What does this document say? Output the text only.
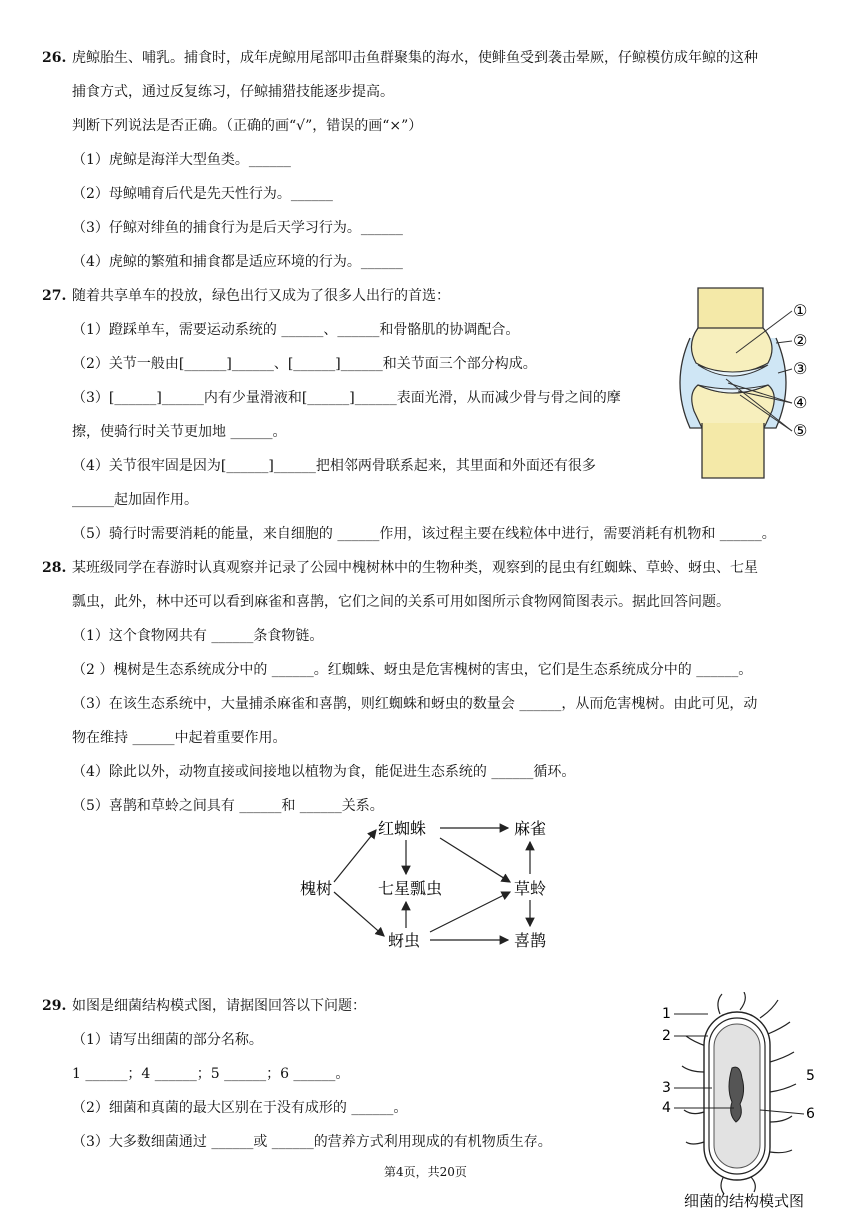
26. 虎鲸胎生、哺乳。捕食时，成年虎鲸用尾部叩击鱼群聚集的海水，使鲱鱼受到袭击晕厥，仔鲸模仿成年鲸的这种
捕食方式，通过反复练习，仔鲸捕猎技能逐步提高。
判断下列说法是否正确。（正确的画“√”，错误的画“×”）
（1）虎鲸是海洋大型鱼类。______
（2）母鲸哺育后代是先天性行为。______
（3）仔鲸对绯鱼的捕食行为是后天学习行为。______
（4）虎鲸的繁殖和捕食都是适应环境的行为。______
27. 随着共享单车的投放，绿色出行又成为了很多人出行的首选：
（1）蹬踩单车，需要运动系统的 ______、______和骨骼肌的协调配合。
（2）关节一般由[______]______、[______]______和关节面三个部分构成。
（3）[______]______内有少量滑液和[______]______表面光滑，从而减少骨与骨之间的摩
擦，使骑行时关节更加地 ______。
（4）关节很牢固是因为[______]______把相邻两骨联系起来，其里面和外面还有很多
______起加固作用。
（5）骑行时需要消耗的能量，来自细胞的 ______作用，该过程主要在线粒体中进行，需要消耗有机物和 ______。
①
②
③
④
⑤
28. 某班级同学在春游时认真观察并记录了公园中槐树林中的生物种类，观察到的昆虫有红蜘蛛、草蛉、蚜虫、七星
瓢虫，此外，林中还可以看到麻雀和喜鹊，它们之间的关系可用如图所示食物网简图表示。据此回答问题。
（1）这个食物网共有 ______条食物链。
（2 ）槐树是生态系统成分中的 ______。红蜘蛛、蚜虫是危害槐树的害虫，它们是生态系统成分中的 ______。
（3）在该生态系统中，大量捕杀麻雀和喜鹊，则红蜘蛛和蚜虫的数量会 ______，从而危害槐树。由此可见，动
物在维持 ______中起着重要作用。
（4）除此以外，动物直接或间接地以植物为食，能促进生态系统的 ______循环。
（5）喜鹊和草蛉之间具有 ______和 ______关系。
槐树
红蜘蛛
七星瓢虫
蚜虫
麻雀
草蛉
喜鹊
29. 如图是细菌结构模式图，请据图回答以下问题：
（1）请写出细菌的部分名称。
1 ______；4 ______；5 ______；6 ______。
（2）细菌和真菌的最大区别在于没有成形的 ______。
（3）大多数细菌通过 ______或 ______的营养方式利用现成的有机物质生存。
1
2
3
4
5
6
细菌的结构模式图
第4页，共20页
